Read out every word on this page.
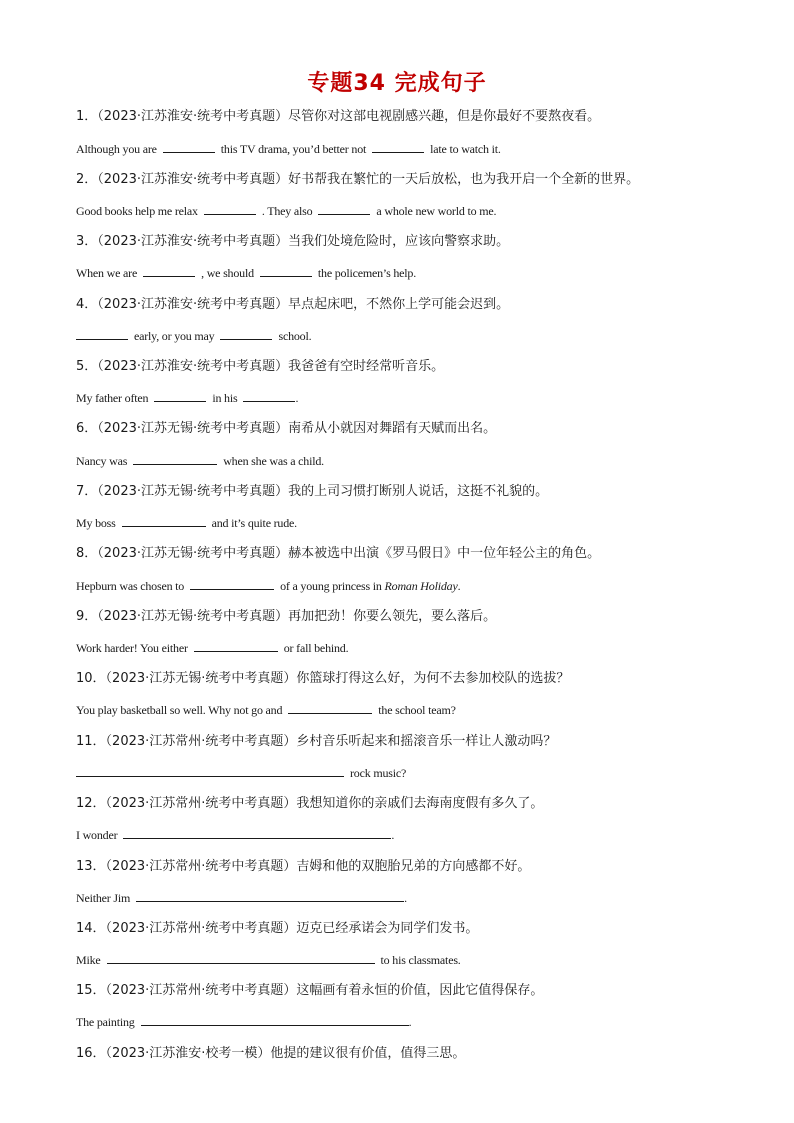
专题34 完成句子
1．（2023·江苏淮安·统考中考真题）尽管你对这部电视剧感兴趣，但是你最好不要熬夜看。
Although you are	this TV drama, you’d better not	late to watch it.
2．（2023·江苏淮安·统考中考真题）好书帮我在繁忙的一天后放松，也为我开启一个全新的世界。
Good books help me relax	. They also	a whole new world to me.
3．（2023·江苏淮安·统考中考真题）当我们处境危险时，应该向警察求助。
When we are	, we should	the policemen’s help.
4．（2023·江苏淮安·统考中考真题）早点起床吧，不然你上学可能会迟到。
early, or you may	school.
5．（2023·江苏淮安·统考中考真题）我爸爸有空时经常听音乐。
My father often	in his	.
6．（2023·江苏无锡·统考中考真题）南希从小就因对舞蹈有天赋而出名。
Nancy was	when she was a child.
7．（2023·江苏无锡·统考中考真题）我的上司习惯打断别人说话，这挺不礼貌的。
My boss	and it’s quite rude.
8．（2023·江苏无锡·统考中考真题）赫本被选中出演《罗马假日》中一位年轻公主的角色。
Hepburn was chosen to	of a young princess in Roman Holiday.
9．（2023·江苏无锡·统考中考真题）再加把劲！你要么领先，要么落后。
Work harder! You either	or fall behind.
10．（2023·江苏无锡·统考中考真题）你篮球打得这么好，为何不去参加校队的选拔？
You play basketball so well. Why not go and	the school team?
11．（2023·江苏常州·统考中考真题）乡村音乐听起来和摇滚音乐一样让人激动吗？
rock music?
12．（2023·江苏常州·统考中考真题）我想知道你的亲戚们去海南度假有多久了。
I wonder	.
13．（2023·江苏常州·统考中考真题）吉姆和他的双胞胎兄弟的方向感都不好。
Neither Jim	.
14．（2023·江苏常州·统考中考真题）迈克已经承诺会为同学们发书。
Mike	to his classmates.
15．（2023·江苏常州·统考中考真题）这幅画有着永恒的价值，因此它值得保存。
The painting	.
16．（2023·江苏淮安·校考一模）他提的建议很有价值，值得三思。
